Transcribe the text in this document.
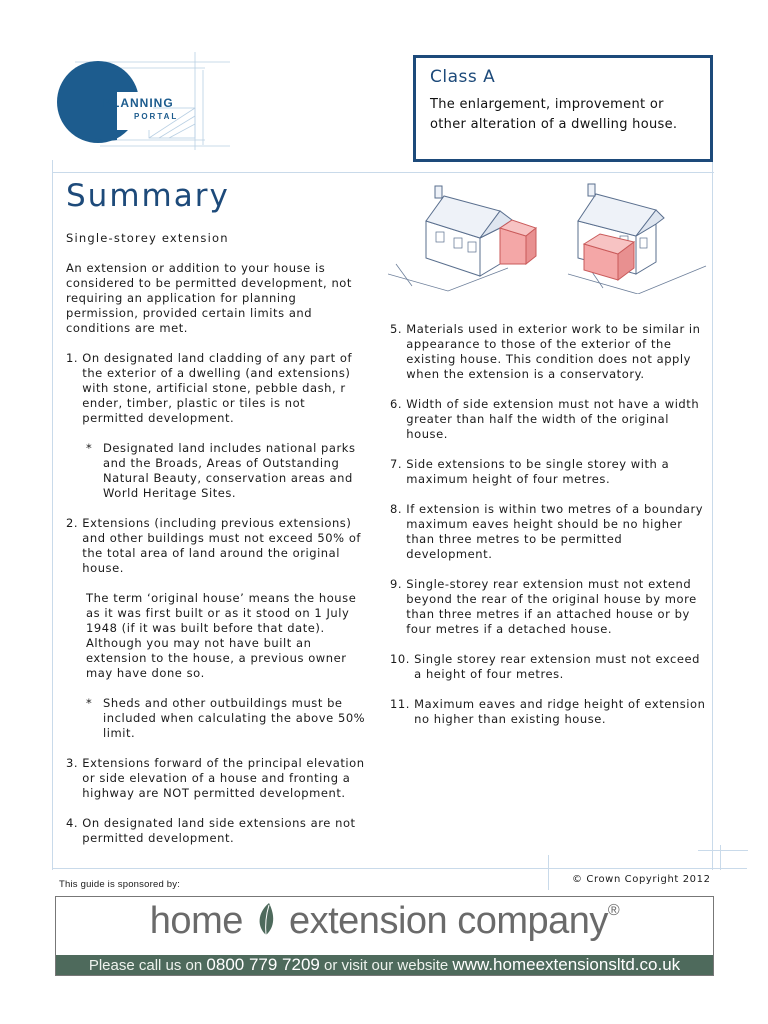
PLANNING
PORTAL
Class A
The enlargement, improvement or other alteration of a dwelling house.
Summary
Single-storey extension

An extension or addition to your house is considered to be permitted development, not requiring an application for planning permission, provided certain limits and conditions are met.

1. On designated land cladding of any part of the exterior of a dwelling (and extensions) with stone, artificial stone, pebble dash, r ender, timber, plastic or tiles is not permitted development.
* Designated land includes national parks and the Broads, Areas of Outstanding Natural Beauty, conservation areas and World Heritage Sites.
2. Extensions (including previous extensions) and other buildings must not exceed 50% of the total area of land around the original house.

The term ‘original house’ means the house as it was first built or as it stood on 1 July 1948 (if it was built before that date). Although you may not have built an extension to the house, a previous owner may have done so.

* Sheds and other outbuildings must be included when calculating the above 50% limit.
3. Extensions forward of the principal elevation or side elevation of a house and fronting a highway are NOT permitted development.
4. On designated land side extensions are not permitted development.
5. Materials used in exterior work to be similar in appearance to those of the exterior of the existing house. This condition does not apply when the extension is a conservatory.
6. Width of side extension must not have a width greater than half the width of the original house.
7. Side extensions to be single storey with a maximum height of four metres.
8. If extension is within two metres of a boundary maximum eaves height should be no higher than three metres to be permitted development.
9. Single-storey rear extension must not extend beyond the rear of the original house by more than three metres if an attached house or by four metres if a detached house.
10. Single storey rear extension must not exceed a height of four metres.
11. Maximum eaves and ridge height of extension no higher than existing house.
© Crown Copyright 2012
This guide is sponsored by:
home extension company®
Please call us on 0800 779 7209 or visit our website www.homeextensionsltd.co.uk
